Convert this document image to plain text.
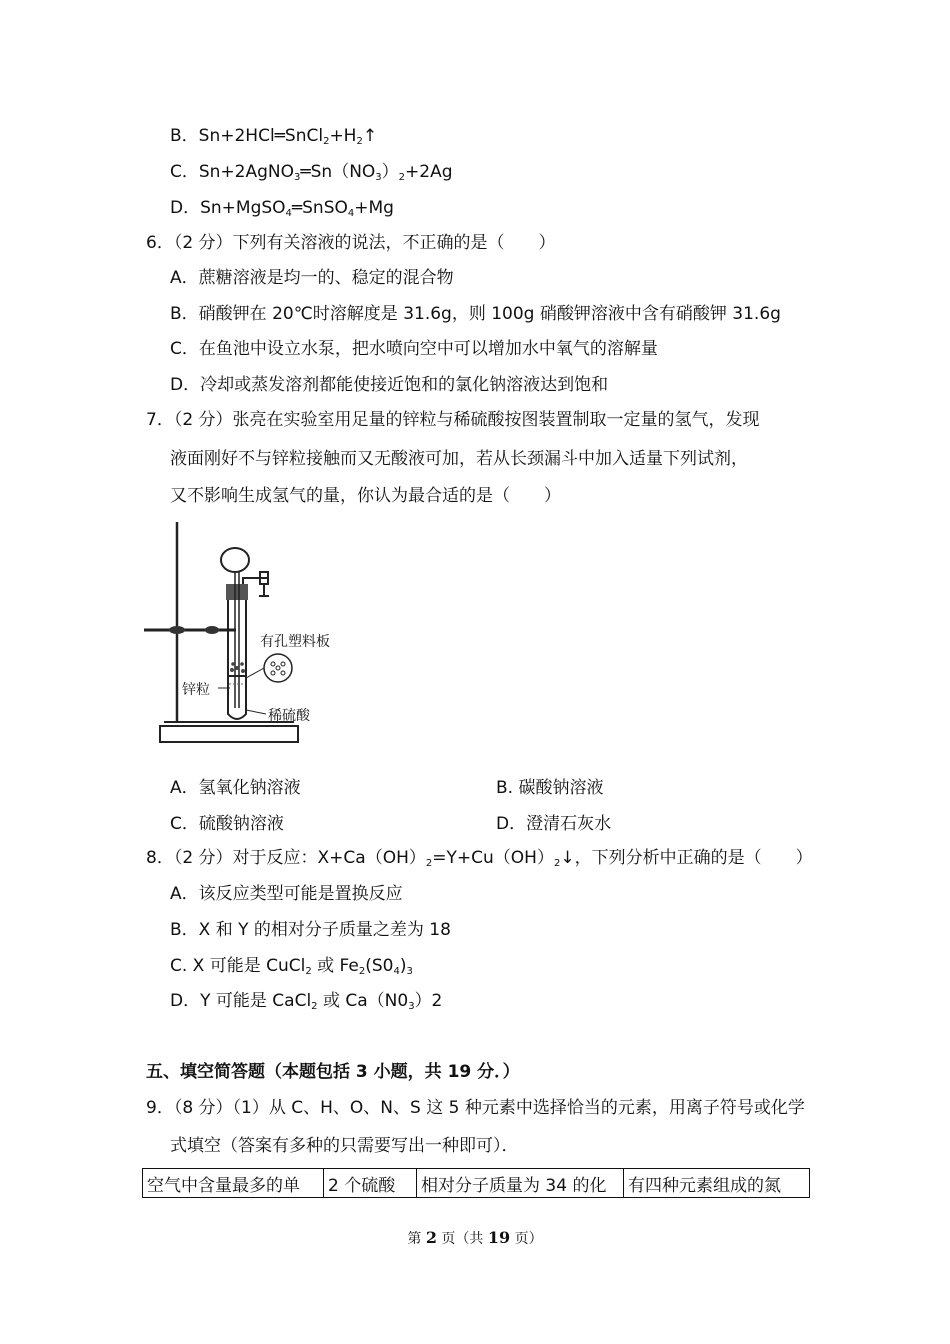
B．$Sn+2HCl═SnCl_2+H_2↑$
C．$Sn+2AgNO_3═Sn(NO_3)_2+2Ag$
D．Sn+MgSO$_4$═SnSO$_4$+Mg
6．（2 分）下列有关溶液的说法，不正确的是（　　）
A．蔗糖溶液是均一的、稳定的混合物
B．硝酸钾在 20℃时溶解度是 31.6g，则 100g 硝酸钾溶液中含有硝酸钾 31.6g
C．在鱼池中设立水泵，把水喷向空中可以增加水中氧气的溶解量
D．冷却或蒸发溶剂都能使接近饱和的氯化钠溶液达到饱和
7．（2 分）张亮在实验室用足量的锌粒与稀硫酸按图装置制取一定量的氢气，发现
液面刚好不与锌粒接触而又无酸液可加，若从长颈漏斗中加入适量下列试剂，
又不影响生成氢气的量，你认为最合适的是（　　）
有孔塑料板
锌粒
稀硫酸
A．氢氧化钠溶液	B. 碳酸钠溶液
C．硫酸钠溶液	D．澄清石灰水
8．（2 分）对于反应：$X+Ca(OH)_2=Y+Cu(OH)_2↓$，下列分析中正确的是（　　）
A．该反应类型可能是置换反应
B．X 和 Y 的相对分子质量之差为 18
C. X 可能是 CuCl$_2$ 或 $Fe_2(S0_4)_3$
D．Y 可能是 CaCl$_2$ 或 $Ca(N0_3)2$
五、填空简答题（本题包括 3 小题，共 19 分．）
9．（8 分）（1）从 C、H、O、N、S 这 5 种元素中选择恰当的元素，用离子符号或化学
式填空（答案有多种的只需要写出一种即可）．
空气中含量最多的单	2 个硫酸	相对分子质量为 34 的化	有四种元素组成的氮
第 2 页（共 19 页）
